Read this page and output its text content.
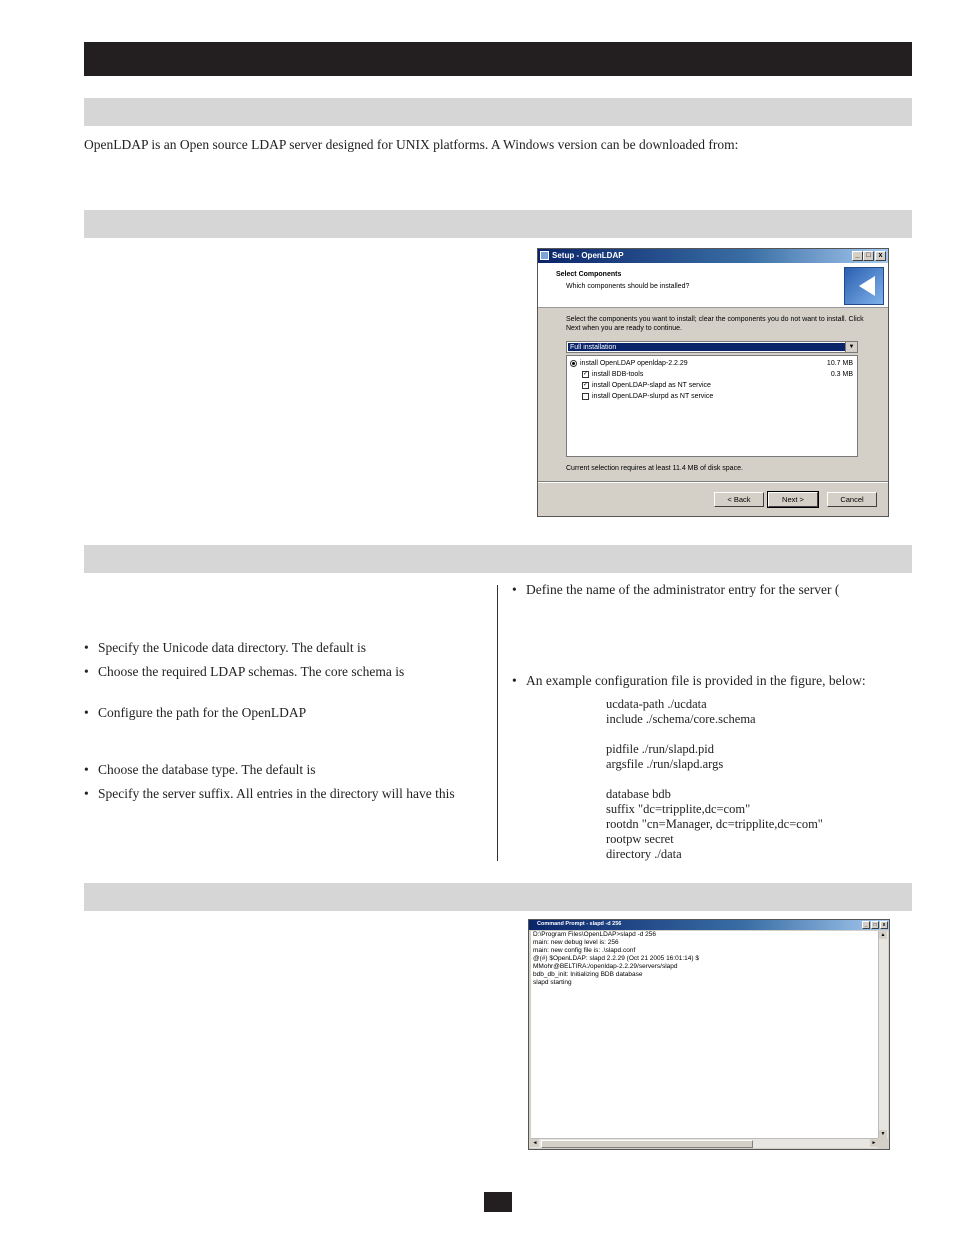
OpenLDAP is an Open source LDAP server designed for UNIX platforms. A Windows version can be downloaded from:
Setup - OpenLDAP	_ □	x
Select Components
Which components should be installed?
Select the components you want to install; clear the components you do not want to install. Click Next when you are ready to continue.
Full installation	▼
install OpenLDAP openldap-2.2.29	10.7 MB
✓ install BDB-tools	0.3 MB
✓ install OpenLDAP-slapd as NT service
install OpenLDAP-slurpd as NT service
Current selection requires at least 11.4 MB of disk space.
< Back	Next >	Cancel
• Specify the Unicode data directory. The default is
• Choose the required LDAP schemas. The core schema is
• Configure the path for the OpenLDAP
• Choose the database type. The default is
• Specify the server suffix. All entries in the directory will have this
• Define the name of the administrator entry for the server (
• An example configuration file is provided in the figure, below:
ucdata-path ./ucdata
include ./schema/core.schema
pidfile ./run/slapd.pid
argsfile ./run/slapd.args
database bdb
suffix "dc=tripplite,dc=com"
rootdn "cn=Manager, dc=tripplite,dc=com"
rootpw secret
directory ./data
Command Prompt - slapd -d 256	_	□	x
D:\Program Files\OpenLDAP>slapd -d 256
main: new debug level is: 256
main: new config file is: .\slapd.conf
@(#) $OpenLDAP: slapd 2.2.29 (Oct 21 2005 16:01:14) $
MMohr@BELTIRA:/openldap-2.2.29/servers/slapd
bdb_db_init: Initializing BDB database
slapd starting
▲
▼
◄	►
